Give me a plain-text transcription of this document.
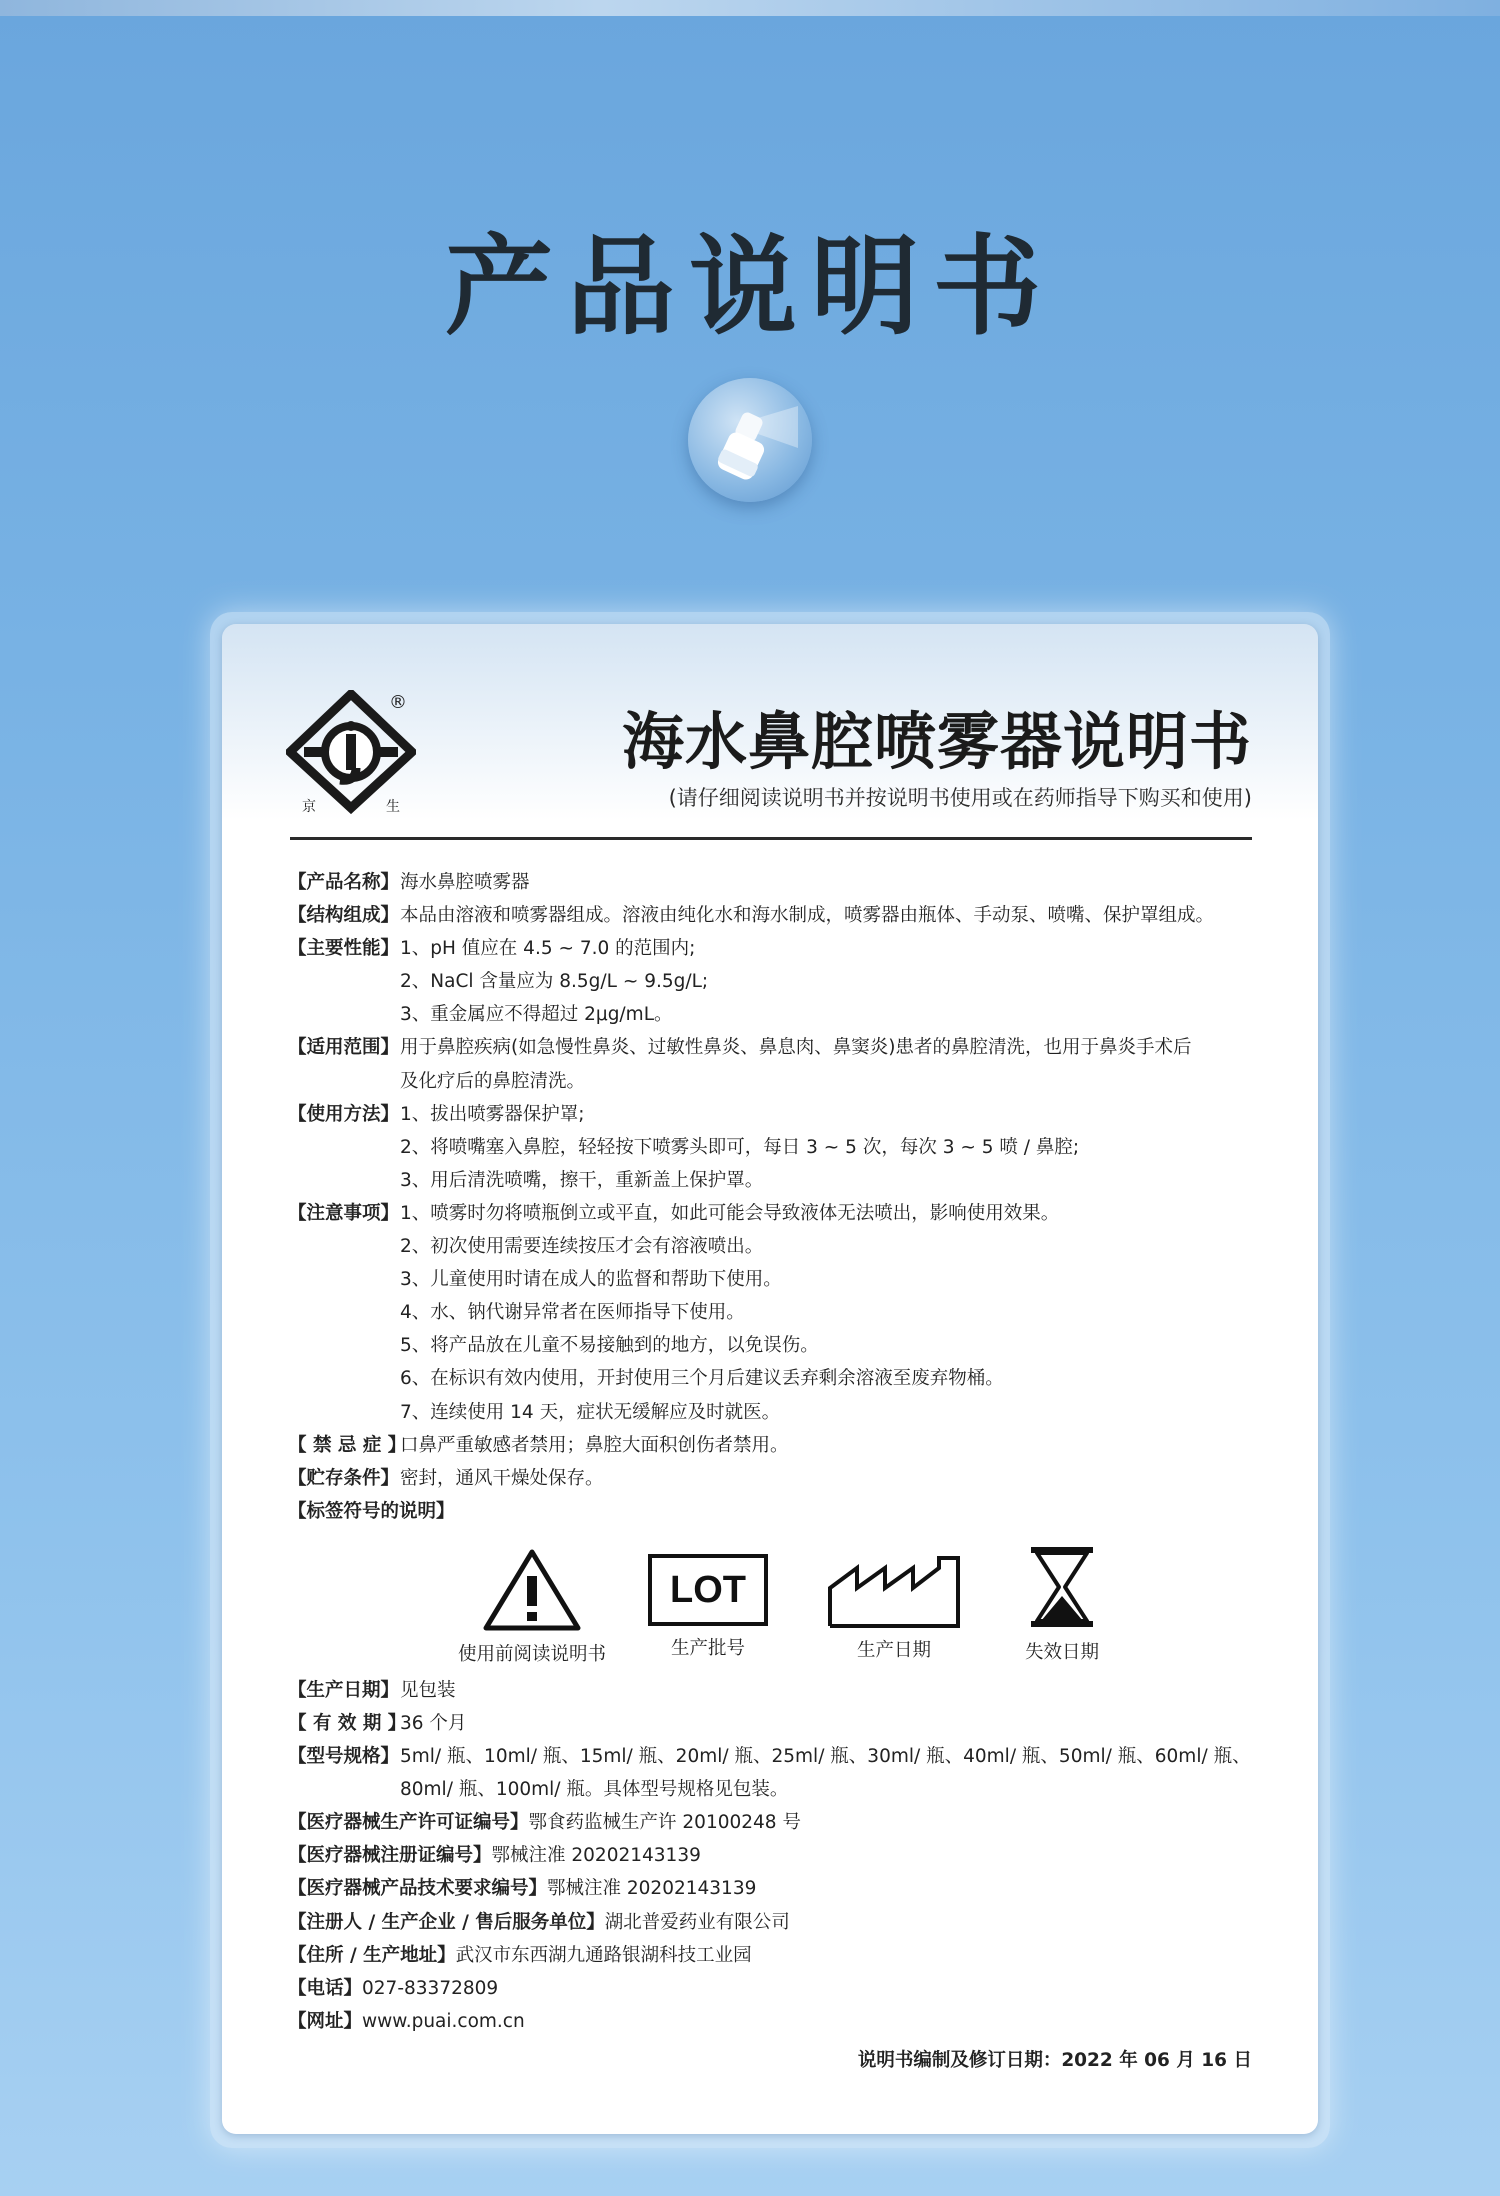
产品说明书
京	生
®
海水鼻腔喷雾器说明书
(请仔细阅读说明书并按说明书使用或在药师指导下购买和使用)
【产品名称】 海水鼻腔喷雾器
【结构组成】 本品由溶液和喷雾器组成。溶液由纯化水和海水制成，喷雾器由瓶体、手动泵、喷嘴、保护罩组成。
【主要性能】 1、pH 值应在 4.5 ~ 7.0 的范围内;
2、NaCl 含量应为 8.5g/L ~ 9.5g/L;
3、重金属应不得超过 2μg/mL。
【适用范围】 用于鼻腔疾病(如急慢性鼻炎、过敏性鼻炎、鼻息肉、鼻窦炎)患者的鼻腔清洗，也用于鼻炎手术后
及化疗后的鼻腔清洗。
【使用方法】 1、拔出喷雾器保护罩;
2、将喷嘴塞入鼻腔，轻轻按下喷雾头即可，每日 3 ~ 5 次，每次 3 ~ 5 喷 / 鼻腔;
3、用后清洗喷嘴，擦干，重新盖上保护罩。
【注意事项】 1、喷雾时勿将喷瓶倒立或平直，如此可能会导致液体无法喷出，影响使用效果。
2、初次使用需要连续按压才会有溶液喷出。
3、儿童使用时请在成人的监督和帮助下使用。
4、水、钠代谢异常者在医师指导下使用。
5、将产品放在儿童不易接触到的地方，以免误伤。
6、在标识有效内使用，开封使用三个月后建议丢弃剩余溶液至废弃物桶。
7、连续使用 14 天，症状无缓解应及时就医。
【 禁 忌 症 】
口鼻严重敏感者禁用；鼻腔大面积创伤者禁用。
【贮存条件】 密封，通风干燥处保存。
【标签符号的说明】
【生产日期】 见包装
【 有 效 期 】
36 个月
【型号规格】 5ml/ 瓶、10ml/ 瓶、15ml/ 瓶、20ml/ 瓶、25ml/ 瓶、30ml/ 瓶、40ml/ 瓶、50ml/ 瓶、60ml/ 瓶、
80ml/ 瓶、100ml/ 瓶。具体型号规格见包装。
【医疗器械生产许可证编号】 鄂食药监械生产许 20100248 号
【医疗器械注册证编号】 鄂械注准 20202143139
【医疗器械产品技术要求编号】 鄂械注准 20202143139
【注册人 / 生产企业 / 售后服务单位】 湖北普爱药业有限公司
【住所 / 生产地址】 武汉市东西湖九通路银湖科技工业园
【电话】 027-83372809
【网址】 www.puai.com.cn
使用前阅读说明书
LOT
生产批号	生产日期	失效日期
说明书编制及修订日期：2022 年 06 月 16 日
